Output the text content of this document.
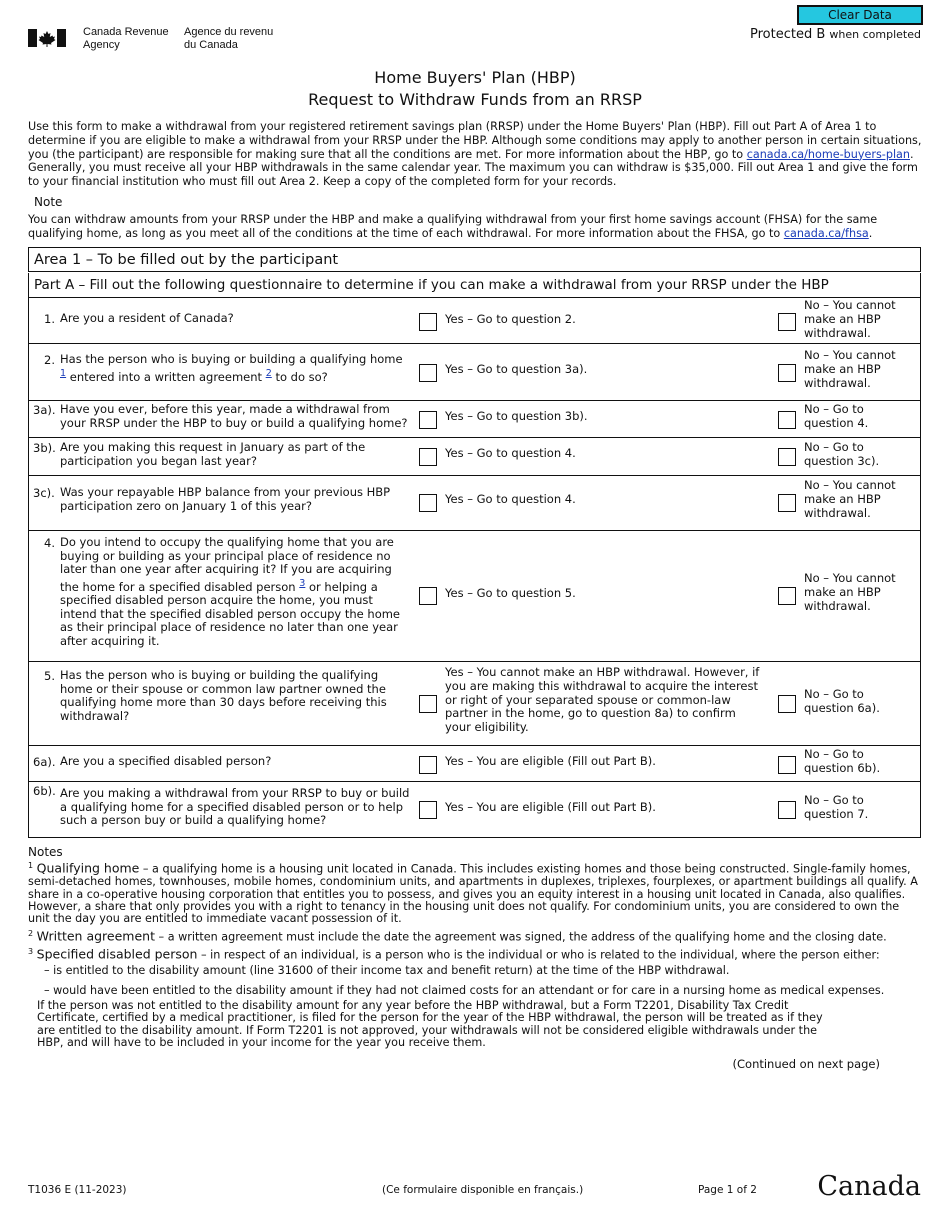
Clear Data
Protected B when completed
Canada Revenue
Agency
Agence du revenu
du Canada
Home Buyers' Plan (HBP)
Request to Withdraw Funds from an RRSP
Use this form to make a withdrawal from your registered retirement savings plan (RRSP) under the Home Buyers' Plan (HBP). Fill out Part A of Area 1 to determine if you are eligible to make a withdrawal from your RRSP under the HBP. Although some conditions may apply to another person in certain situations, you (the participant) are responsible for making sure that all the conditions are met. For more information about the HBP, go to canada.ca/home-buyers-plan. Generally, you must receive all your HBP withdrawals in the same calendar year. The maximum you can withdraw is $35,000. Fill out Area 1 and give the form to your financial institution who must fill out Area 2. Keep a copy of the completed form for your records.
Note
You can withdraw amounts from your RRSP under the HBP and make a qualifying withdrawal from your first home savings account (FHSA) for the same qualifying home, as long as you meet all of the conditions at the time of each withdrawal. For more information about the FHSA, go to canada.ca/fhsa.
Area 1 – To be filled out by the participant
Part A – Fill out the following questionnaire to determine if you can make a withdrawal from your RRSP under the HBP
1. Are you a resident of Canada?	Yes – Go to question 2.
No – You cannot make an HBP withdrawal.
2. Has the person who is buying or building a qualifying home $^1$ entered into a written agreement $^2$ to do so?
Yes – Go to question 3a).
No – You cannot make an HBP withdrawal.
3a). Have you ever, before this year, made a withdrawal from your RRSP under the HBP to buy or build a qualifying home?	Yes – Go to question 3b).	No – Go to question 4.
3b). Are you making this request in January as part of the participation you began last year?
Yes – Go to question 4.	No – Go to question 3c).
3c). Was your repayable HBP balance from your previous HBP participation zero on January 1 of this year?	Yes – Go to question 4.
No – You cannot make an HBP withdrawal.
4. Do you intend to occupy the qualifying home that you are buying or building as your principal place of residence no later than one year after acquiring it? If you are acquiring the home for a specified disabled person $^3$ or helping a specified disabled person acquire the home, you must intend that the specified disabled person occupy the home as their principal place of residence no later than one year after acquiring it.
Yes – Go to question 5.
No – You cannot make an HBP withdrawal.
5. Has the person who is buying or building the qualifying home or their spouse or common law partner owned the qualifying home more than 30 days before receiving this withdrawal?
Yes – You cannot make an HBP withdrawal. However, if you are making this withdrawal to acquire the interest or right of your separated spouse or common-law partner in the home, go to question 8a) to confirm your eligibility.
No – Go to question 6a).
6a). Are you a specified disabled person?	Yes – You are eligible (Fill out Part B).	No – Go to question 6b).
6b). Are you making a withdrawal from your RRSP to buy or build a qualifying home for a specified disabled person or to help such a person buy or build a qualifying home?
Yes – You are eligible (Fill out Part B).	No – Go to question 7.
Notes
$^1$ Qualifying home – a qualifying home is a housing unit located in Canada. This includes existing homes and those being constructed. Single-family homes, semi-detached homes, townhouses, mobile homes, condominium units, and apartments in duplexes, triplexes, fourplexes, or apartment buildings all qualify. A share in a co-operative housing corporation that entitles you to possess, and gives you an equity interest in a housing unit located in Canada, also qualifies. However, a share that only provides you with a right to tenancy in the housing unit does not qualify. For condominium units, you are considered to own the unit the day you are entitled to immediate vacant possession of it.
$^2$ Written agreement – a written agreement must include the date the agreement was signed, the address of the qualifying home and the closing date.
$^3$ Specified disabled person – in respect of an individual, is a person who is the individual or who is related to the individual, where the person either:
– is entitled to the disability amount (line 31600 of their income tax and benefit return) at the time of the HBP withdrawal.
– would have been entitled to the disability amount if they had not claimed costs for an attendant or for care in a nursing home as medical expenses.
If the person was not entitled to the disability amount for any year before the HBP withdrawal, but a Form T2201, Disability Tax Credit Certificate, certified by a medical practitioner, is filed for the person for the year of the HBP withdrawal, the person will be treated as if they are entitled to the disability amount. If Form T2201 is not approved, your withdrawals will not be considered eligible withdrawals under the HBP, and will have to be included in your income for the year you receive them.
(Continued on next page)
T1036 E (11-2023)	(Ce formulaire disponible en français.)	Page 1 of 2 Canada
